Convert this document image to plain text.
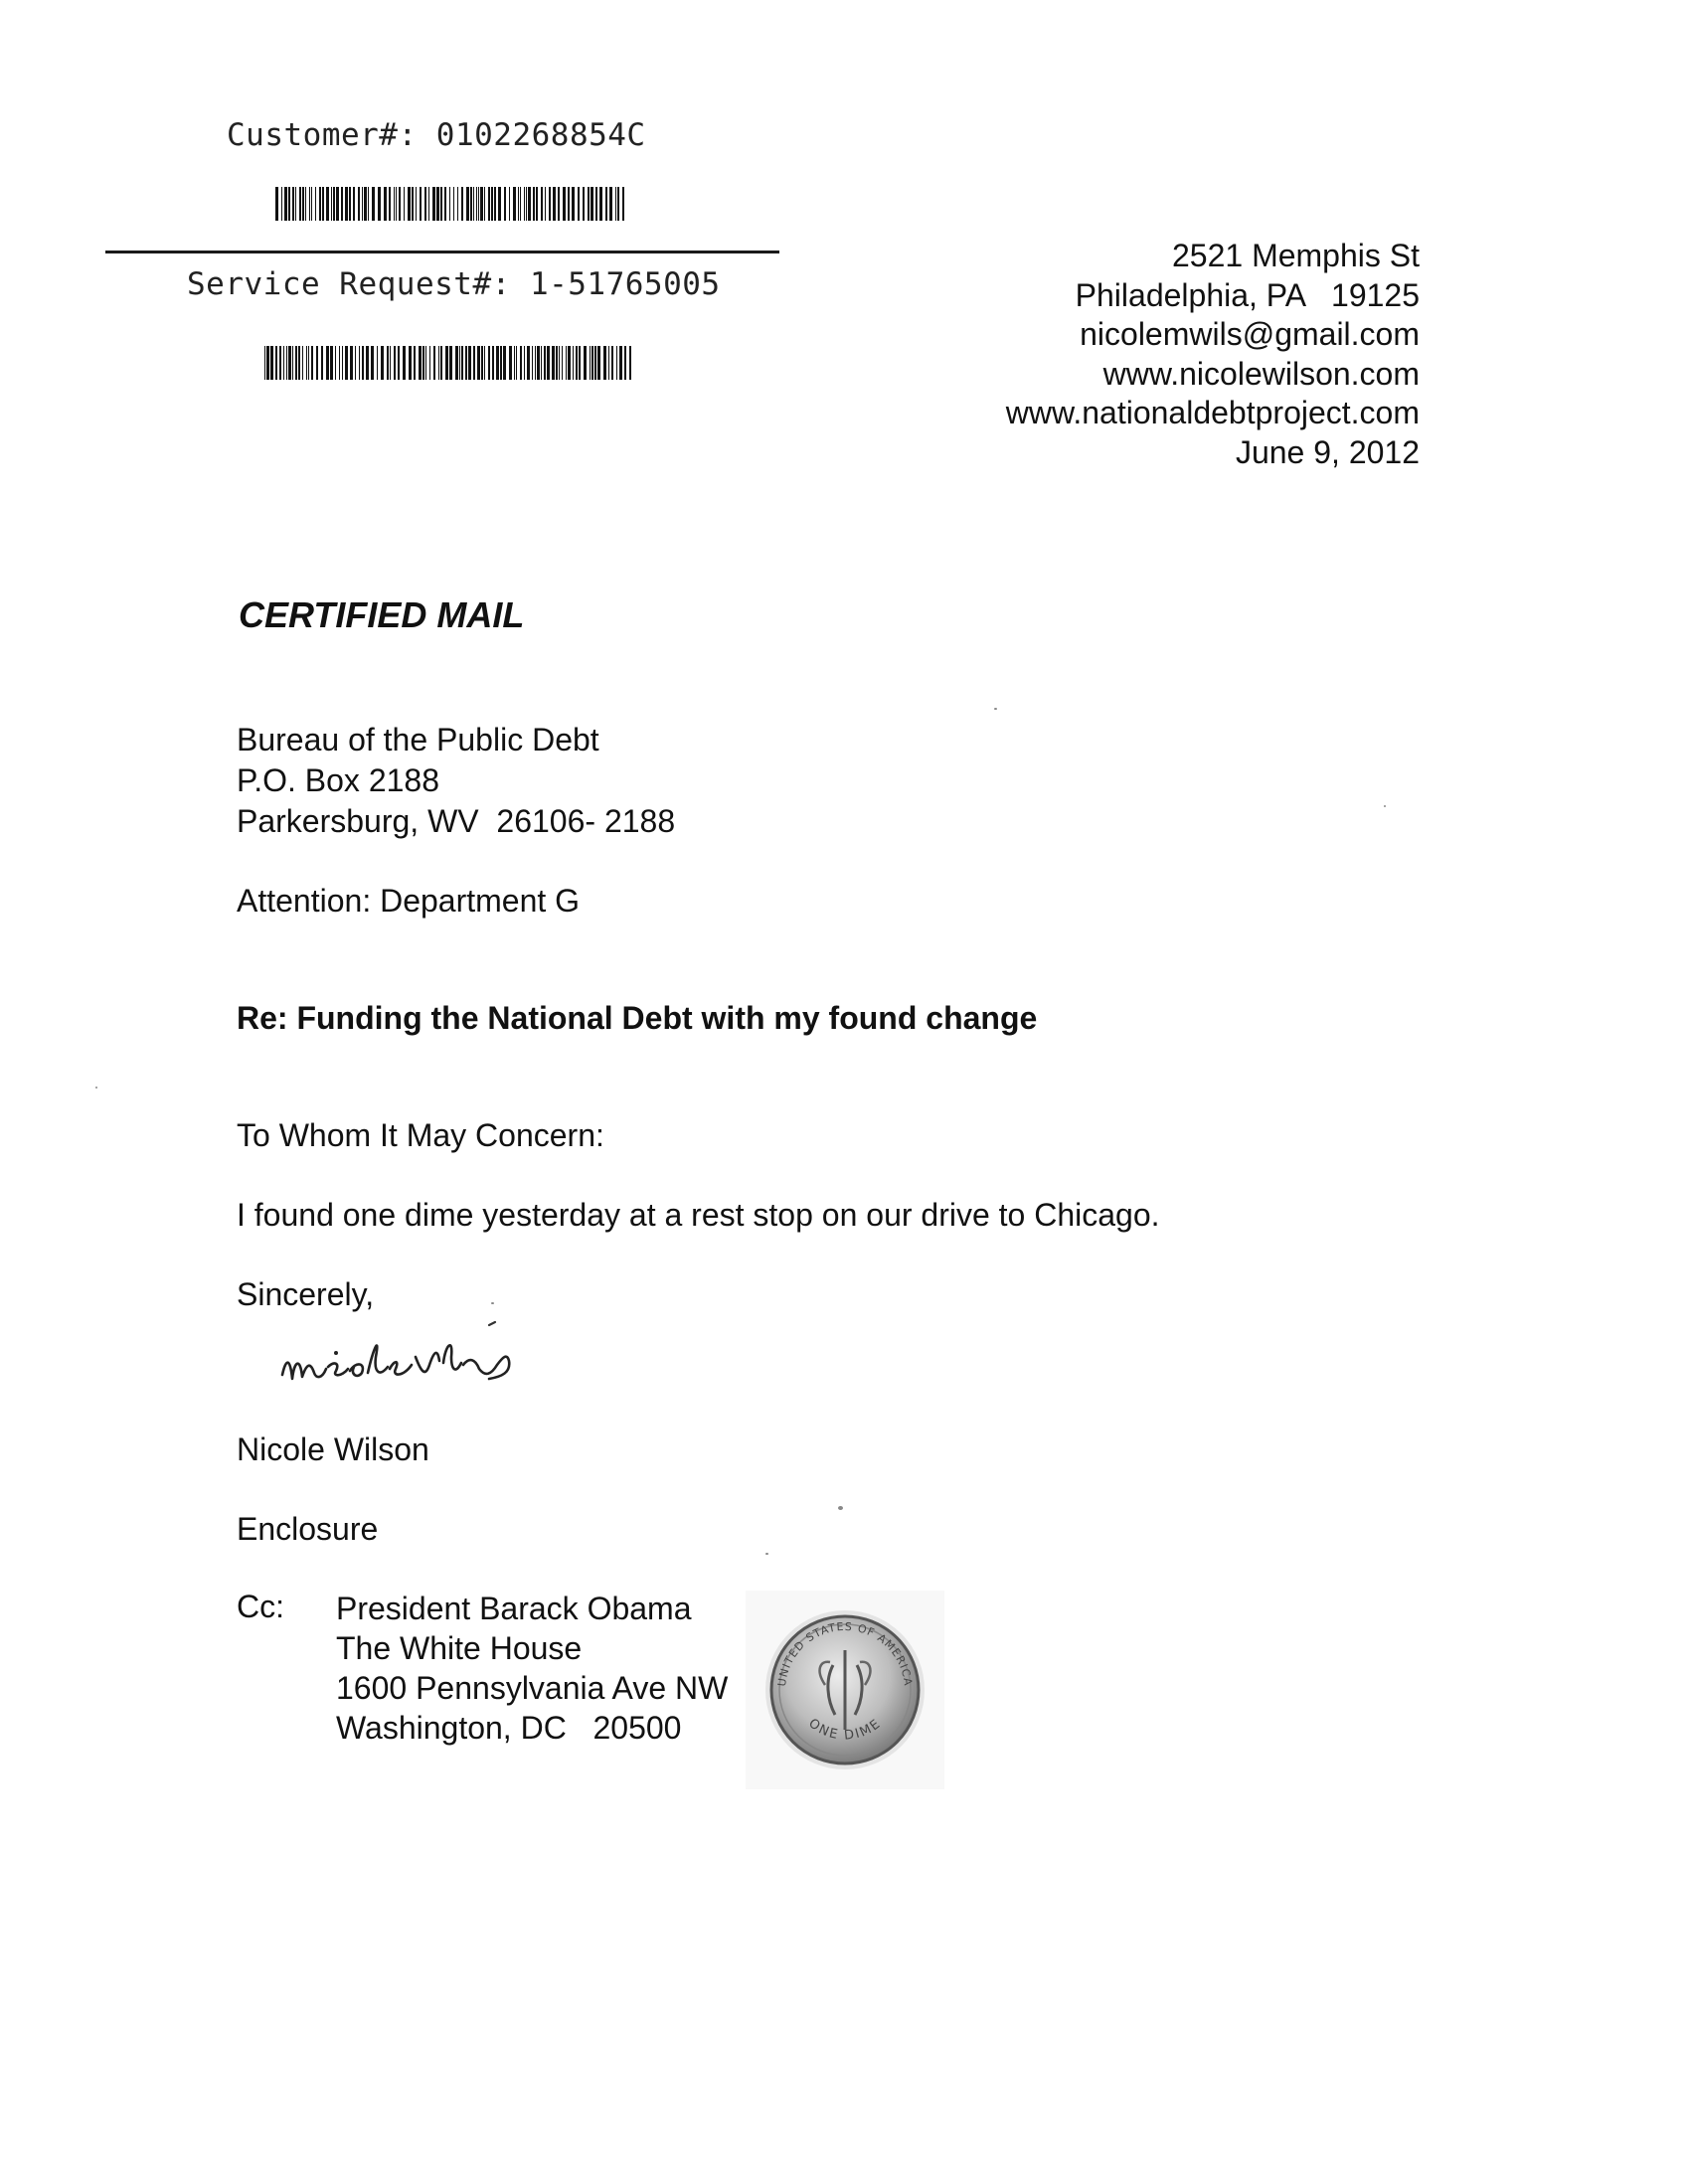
Customer#: 0102268854C
Service Request#: 1-51765005
2521 Memphis St
Philadelphia, PA   19125
nicolemwils@gmail.com
www.nicolewilson.com
www.nationaldebtproject.com
June 9, 2012
CERTIFIED MAIL
Bureau of the Public Debt
P.O. Box 2188
Parkersburg, WV  26106- 2188
Attention: Department G
Re: Funding the National Debt with my found change
To Whom It May Concern:
I found one dime yesterday at a rest stop on our drive to Chicago.
Sincerely,
Nicole Wilson
Enclosure
Cc: President Barack Obama
The White House
1600 Pennsylvania Ave NW
Washington, DC   20500
UNITED STATES OF AMERICA
ONE DIME
